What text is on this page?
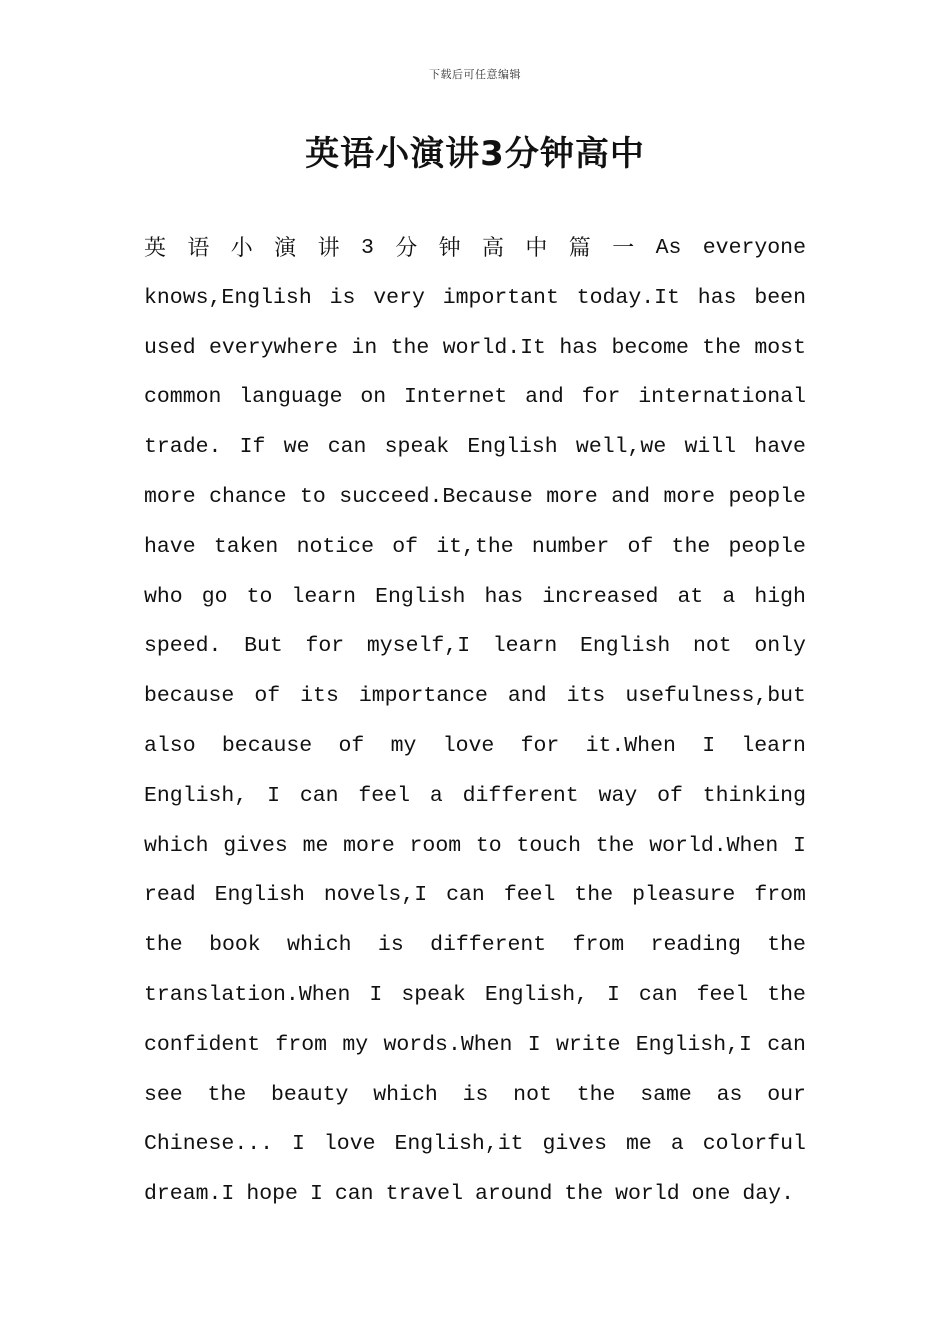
下载后可任意编辑
英语小演讲3分钟高中
英 语 小 演 讲 3 分 钟 高 中 篇 一 As everyone
knows,English is very important today.It has been
used everywhere in the world.It has become the most
common language on Internet and for international
trade. If we can speak English well,we will have
more chance to succeed.Because more and more people
have taken notice of it,the number of the people
who go to learn English has increased at a high
speed. But for myself,I learn English not only
because of its importance and its usefulness,but
also because of my love for it.When I learn
English, I can feel a different way of thinking
which gives me more room to touch the world.When I
read English novels,I can feel the pleasure from
the book which is different from reading the
translation.When I speak English, I can feel the
confident from my words.When I write English,I can
see the beauty which is not the same as our
Chinese... I love English,it gives me a colorful
dream.I hope I can travel around the world one day.
